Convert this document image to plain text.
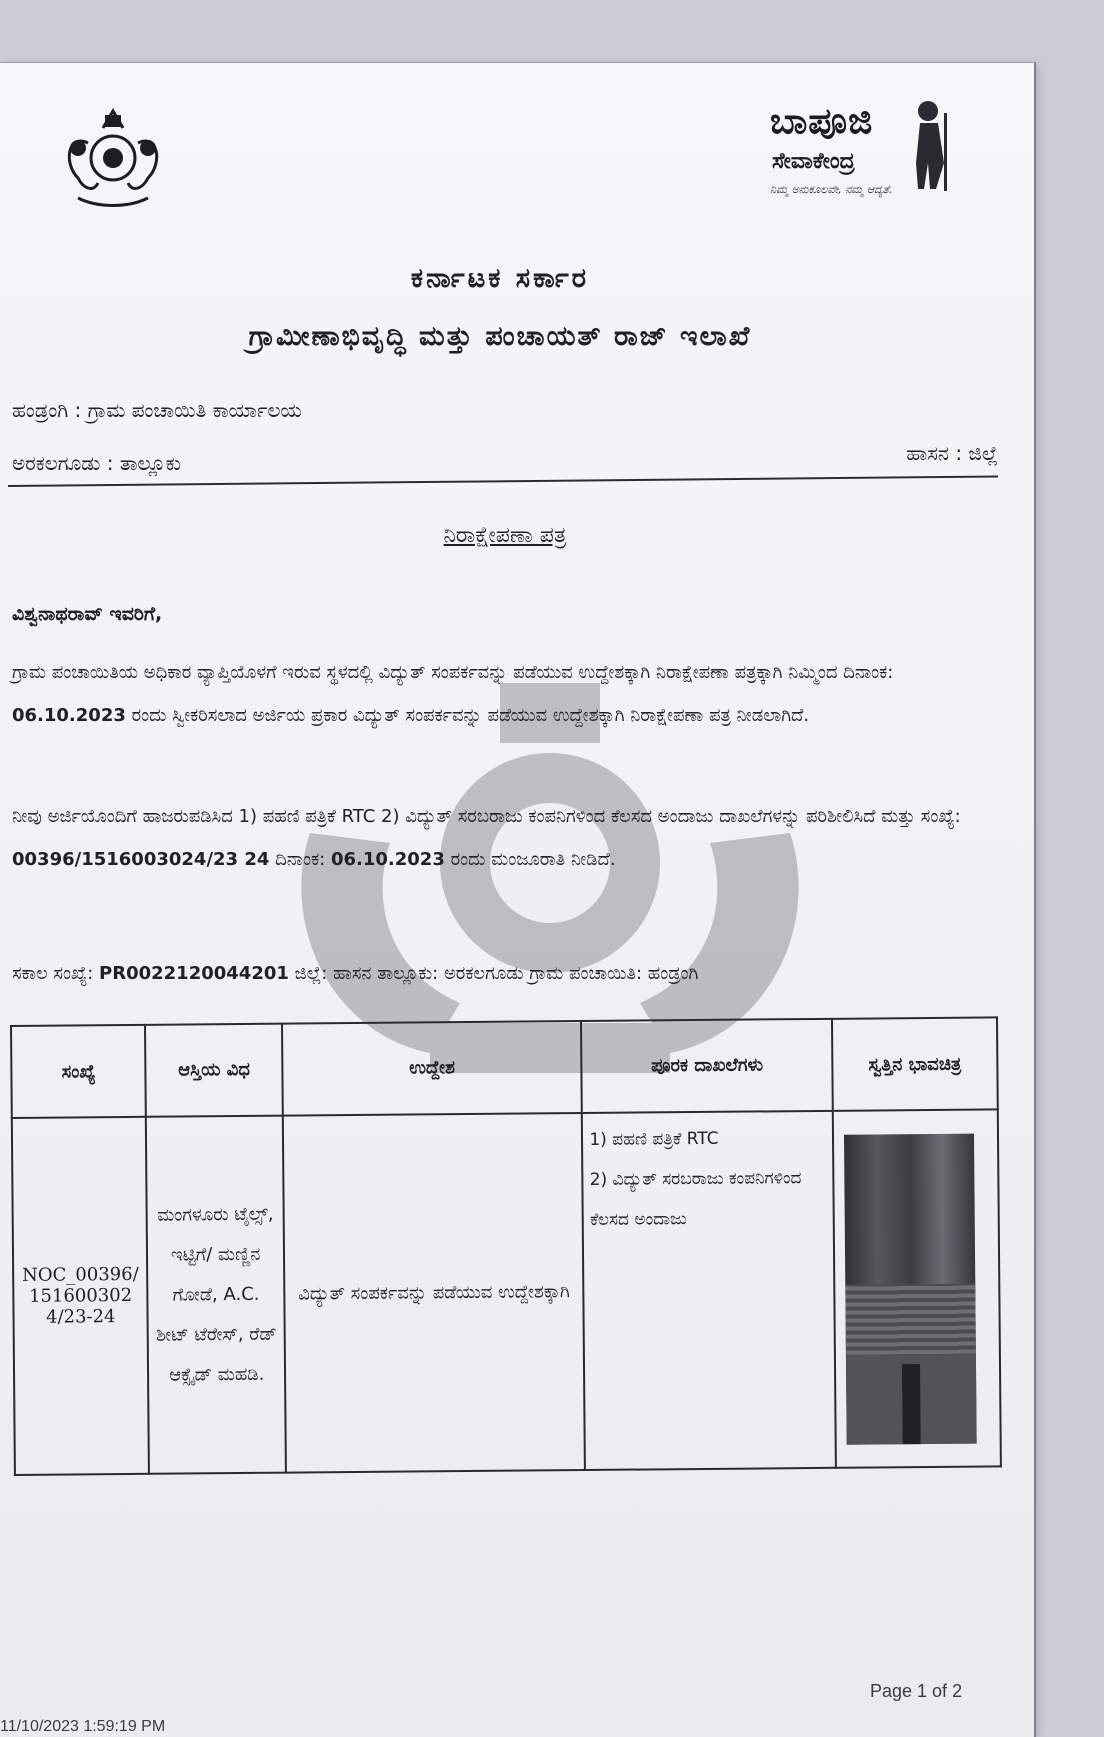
ಬಾಪೂಜಿ
ಸೇವಾಕೇಂದ್ರ
ನಿಮ್ಮ ಅನುಕೂಲವೇ, ನಮ್ಮ ಆದ್ಯತೆ.
ಕರ್ನಾಟಕ ಸರ್ಕಾರ
ಗ್ರಾಮೀಣಾಭಿವೃದ್ಧಿ ಮತ್ತು ಪಂಚಾಯತ್ ರಾಜ್ ಇಲಾಖೆ
ಹಂಡ್ರಂಗಿ : ಗ್ರಾಮ ಪಂಚಾಯಿತಿ ಕಾರ್ಯಾಲಯ
ಅರಕಲಗೂಡು : ತಾಲ್ಲೂಕು	ಹಾಸನ : ಜಿಲ್ಲೆ
ನಿರಾಕ್ಷೇಪಣಾ ಪತ್ರ
ವಿಶ್ವನಾಥರಾವ್ ಇವರಿಗೆ,
ಗ್ರಾಮ ಪಂಚಾಯಿತಿಯ ಅಧಿಕಾರ ವ್ಯಾಪ್ತಿಯೊಳಗೆ ಇರುವ ಸ್ಥಳದಲ್ಲಿ ವಿದ್ಯುತ್ ಸಂಪರ್ಕವನ್ನು ಪಡೆಯುವ ಉದ್ದೇಶಕ್ಕಾಗಿ ನಿರಾಕ್ಷೇಪಣಾ ಪತ್ರಕ್ಕಾಗಿ ನಿಮ್ಮಿಂದ ದಿನಾಂಕ: 06.10.2023 ರಂದು ಸ್ವೀಕರಿಸಲಾದ ಅರ್ಜಿಯ ಪ್ರಕಾರ ವಿದ್ಯುತ್ ಸಂಪರ್ಕವನ್ನು ಪಡೆಯುವ ಉದ್ದೇಶಕ್ಕಾಗಿ ನಿರಾಕ್ಷೇಪಣಾ ಪತ್ರ ನೀಡಲಾಗಿದೆ.
ನೀವು ಅರ್ಜಿಯೊಂದಿಗೆ ಹಾಜರುಪಡಿಸಿದ 1) ಪಹಣಿ ಪತ್ರಿಕೆ RTC 2) ವಿದ್ಯುತ್ ಸರಬರಾಜು ಕಂಪನಿಗಳಿಂದ ಕೆಲಸದ ಅಂದಾಜು ದಾಖಲೆಗಳನ್ನು ಪರಿಶೀಲಿಸಿದೆ ಮತ್ತು ಸಂಖ್ಯೆ: 00396/1516003024/23 24 ದಿನಾಂಕ: 06.10.2023 ರಂದು ಮಂಜೂರಾತಿ ನೀಡಿದೆ.
ಸಕಾಲ ಸಂಖ್ಯೆ: PR0022120044201 ಜಿಲ್ಲೆ: ಹಾಸನ ತಾಲ್ಲೂಕು: ಅರಕಲಗೂಡು ಗ್ರಾಮ ಪಂಚಾಯಿತಿ: ಹಂಡ್ರಂಗಿ
ಸಂಖ್ಯೆ	ಆಸ್ತಿಯ ವಿಧ	ಉದ್ದೇಶ	ಪೂರಕ ದಾಖಲೆಗಳು	ಸ್ವತ್ತಿನ ಭಾವಚಿತ್ರ
NOC_00396/1516003024/23-24	ಮಂಗಳೂರು ಟೈಲ್ಸ್, ಇಟ್ಟಿಗೆ/ ಮಣ್ಣಿನ ಗೋಡೆ, A.C. ಶೀಟ್ ಟೆರೇಸ್, ರೆಡ್ ಆಕ್ಸೈಡ್ ಮಹಡಿ.	ವಿದ್ಯುತ್ ಸಂಪರ್ಕವನ್ನು ಪಡೆಯುವ ಉದ್ದೇಶಕ್ಕಾಗಿ	1) ಪಹಣಿ ಪತ್ರಿಕೆ RTC
2) ವಿದ್ಯುತ್ ಸರಬರಾಜು ಕಂಪನಿಗಳಿಂದ ಕೆಲಸದ ಅಂದಾಜು	

Page 1 of 2
11/10/2023 1:59:19 PM
